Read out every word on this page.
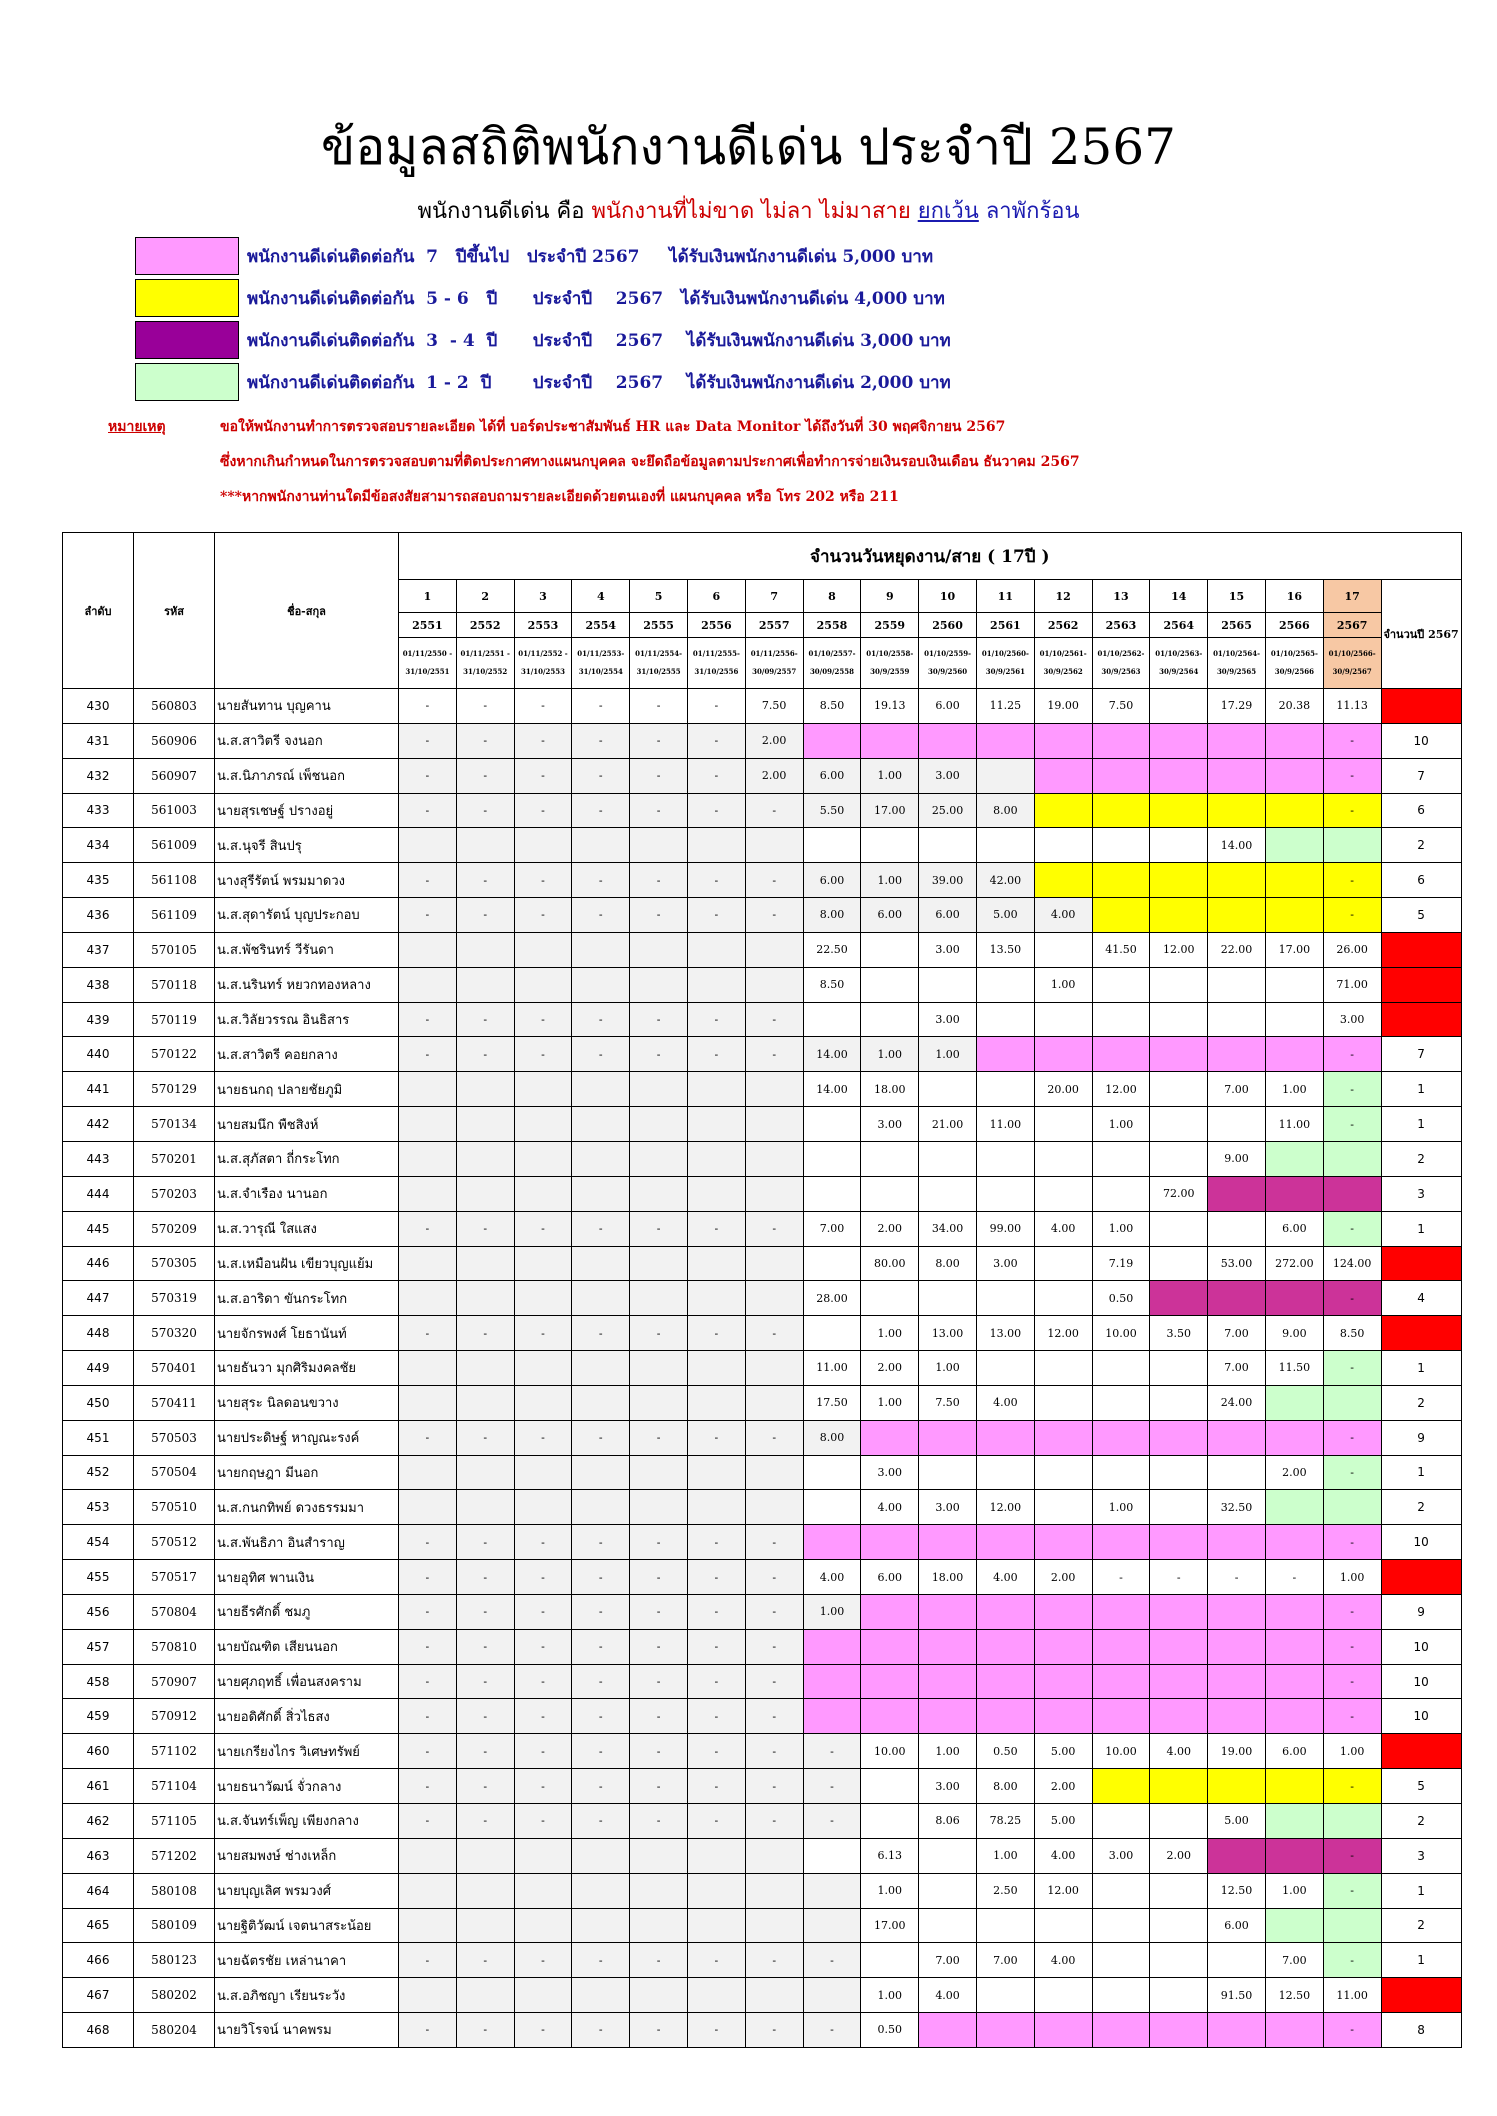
ข้อมูลสถิติพนักงานดีเด่น ประจำปี 2567
พนักงานดีเด่น คือ พนักงานที่ไม่ขาด ไม่ลา ไม่มาสาย ยกเว้น ลาพักร้อน
พนักงานดีเด่นติดต่อกัน  7   ปีขึ้นไป   ประจำปี 2567     ได้รับเงินพนักงานดีเด่น 5,000 บาท
พนักงานดีเด่นติดต่อกัน  5 - 6   ปี      ประจำปี    2567   ได้รับเงินพนักงานดีเด่น 4,000 บาท
พนักงานดีเด่นติดต่อกัน  3  - 4  ปี      ประจำปี    2567    ได้รับเงินพนักงานดีเด่น 3,000 บาท
พนักงานดีเด่นติดต่อกัน  1 - 2  ปี       ประจำปี    2567    ได้รับเงินพนักงานดีเด่น 2,000 บาท
หมายเหตุ	ขอให้พนักงานทำการตรวจสอบรายละเอียด ได้ที่ บอร์ดประชาสัมพันธ์ HR และ Data Monitor ได้ถึงวันที่ 30 พฤศจิกายน 2567
ซึ่งหากเกินกำหนดในการตรวจสอบตามที่ติดประกาศทางแผนกบุคคล จะยึดถือข้อมูลตามประกาศเพื่อทำการจ่ายเงินรอบเงินเดือน ธันวาคม 2567
***หากพนักงานท่านใดมีข้อสงสัยสามารถสอบถามรายละเอียดด้วยตนเองที่ แผนกบุคคล หรือ โทร 202 หรือ 211
ลำดับ	รหัส	ชื่อ-สกุล	จำนวนวันหยุดงาน/สาย ( 17ปี )																	
			1	2	3	4	5	6	7	8	9	10	11	12	13	14	15	16	17	จำนวนปี 2567
			2551	2552	2553	2554	2555	2556	2557	2558	2559	2560	2561	2562	2563	2564	2565	2566	2567	
			01/11/2550 - 31/10/2551	01/11/2551 - 31/10/2552	01/11/2552 - 31/10/2553	01/11/2553- 31/10/2554	01/11/2554- 31/10/2555	01/11/2555- 31/10/2556	01/11/2556- 30/09/2557	01/10/2557- 30/09/2558	01/10/2558- 30/9/2559	01/10/2559- 30/9/2560	01/10/2560- 30/9/2561	01/10/2561- 30/9/2562	01/10/2562- 30/9/2563	01/10/2563- 30/9/2564	01/10/2564- 30/9/2565	01/10/2565- 30/9/2566	01/10/2566- 30/9/2567	
430	560803	นายสันทาน บุญคาน	-	-	-	-	-	-	7.50	8.50	19.13	6.00	11.25	19.00	7.50		17.29	20.38	11.13	
431	560906	น.ส.สาวิตรี จงนอก	-	-	-	-	-	-	2.00										-	10
432	560907	น.ส.นิภาภรณ์ เพ็ชนอก	-	-	-	-	-	-	2.00	6.00	1.00	3.00							-	7
433	561003	นายสุรเชษฐ์ ปรางอยู่	-	-	-	-	-	-	-	5.50	17.00	25.00	8.00						-	6
434	561009	น.ส.นุจรี สินปรุ															14.00			2
435	561108	นางสุรีรัตน์ พรมมาดวง	-	-	-	-	-	-	-	6.00	1.00	39.00	42.00						-	6
436	561109	น.ส.สุดารัตน์ บุญประกอบ	-	-	-	-	-	-	-	8.00	6.00	6.00	5.00	4.00					-	5
437	570105	น.ส.พัชรินทร์ วีรันดา								22.50		3.00	13.50		41.50	12.00	22.00	17.00	26.00	
438	570118	น.ส.นรินทร์ หยวกทองหลาง								8.50				1.00					71.00	
439	570119	น.ส.วิลัยวรรณ อินธิสาร	-	-	-	-	-	-	-			3.00							3.00	
440	570122	น.ส.สาวิตรี คอยกลาง	-	-	-	-	-	-	-	14.00	1.00	1.00							-	7
441	570129	นายธนกฤ ปลายชัยภูมิ								14.00	18.00			20.00	12.00		7.00	1.00	-	1
442	570134	นายสมนึก พืชสิงห์									3.00	21.00	11.00		1.00			11.00	-	1
443	570201	น.ส.สุภัสตา ถี่กระโทก															9.00			2
444	570203	น.ส.จำเรือง นานอก														72.00				3
445	570209	น.ส.วารุณี ใสแสง	-	-	-	-	-	-	-	7.00	2.00	34.00	99.00	4.00	1.00			6.00	-	1
446	570305	น.ส.เหมือนฝัน เขียวบุญแย้ม									80.00	8.00	3.00		7.19		53.00	272.00	124.00	
447	570319	น.ส.อาริดา ขันกระโทก								28.00					0.50				-	4
448	570320	นายจักรพงศ์ โยธานันท์	-	-	-	-	-	-	-		1.00	13.00	13.00	12.00	10.00	3.50	7.00	9.00	8.50	
449	570401	นายธันวา มุกศิริมงคลชัย								11.00	2.00	1.00					7.00	11.50	-	1
450	570411	นายสุระ นิลดอนขวาง								17.50	1.00	7.50	4.00				24.00			2
451	570503	นายประดิษฐ์ หาญณะรงค์	-	-	-	-	-	-	-	8.00									-	9
452	570504	นายกฤษฎา มีนอก									3.00							2.00	-	1
453	570510	น.ส.กนกทิพย์ ดวงธรรมมา									4.00	3.00	12.00		1.00		32.50			2
454	570512	น.ส.พันธิภา อินสำราญ	-	-	-	-	-	-	-										-	10
455	570517	นายอุทิศ พานเงิน	-	-	-	-	-	-	-	4.00	6.00	18.00	4.00	2.00	-	-	-	-	1.00	
456	570804	นายธีรศักดิ์ ชมภู	-	-	-	-	-	-	-	1.00									-	9
457	570810	นายบัณฑิต เสียนนอก	-	-	-	-	-	-	-										-	10
458	570907	นายศุภฤทธิ์ เพื่อนสงคราม	-	-	-	-	-	-	-										-	10
459	570912	นายอดิศักดิ์ สิ่วไธสง	-	-	-	-	-	-	-										-	10
460	571102	นายเกรียงไกร วิเศษทรัพย์	-	-	-	-	-	-	-	-	10.00	1.00	0.50	5.00	10.00	4.00	19.00	6.00	1.00	
461	571104	นายธนาวัฒน์ จั่วกลาง	-	-	-	-	-	-	-	-		3.00	8.00	2.00					-	5
462	571105	น.ส.จันทร์เพ็ญ เพียงกลาง	-	-	-	-	-	-	-	-		8.06	78.25	5.00			5.00			2
463	571202	นายสมพงษ์ ช่างเหล็ก									6.13		1.00	4.00	3.00	2.00			-	3
464	580108	นายบุญเลิศ พรมวงศ์									1.00		2.50	12.00			12.50	1.00	-	1
465	580109	นายฐิติวัฒน์ เจตนาสระน้อย									17.00						6.00			2
466	580123	นายฉัตรชัย เหล่านาคา	-	-	-	-	-	-	-	-		7.00	7.00	4.00				7.00	-	1
467	580202	น.ส.อภิชญา เรียนระวัง									1.00	4.00					91.50	12.50	11.00	
468	580204	นายวิโรจน์ นาคพรม	-	-	-	-	-	-	-	-	0.50								-	8
